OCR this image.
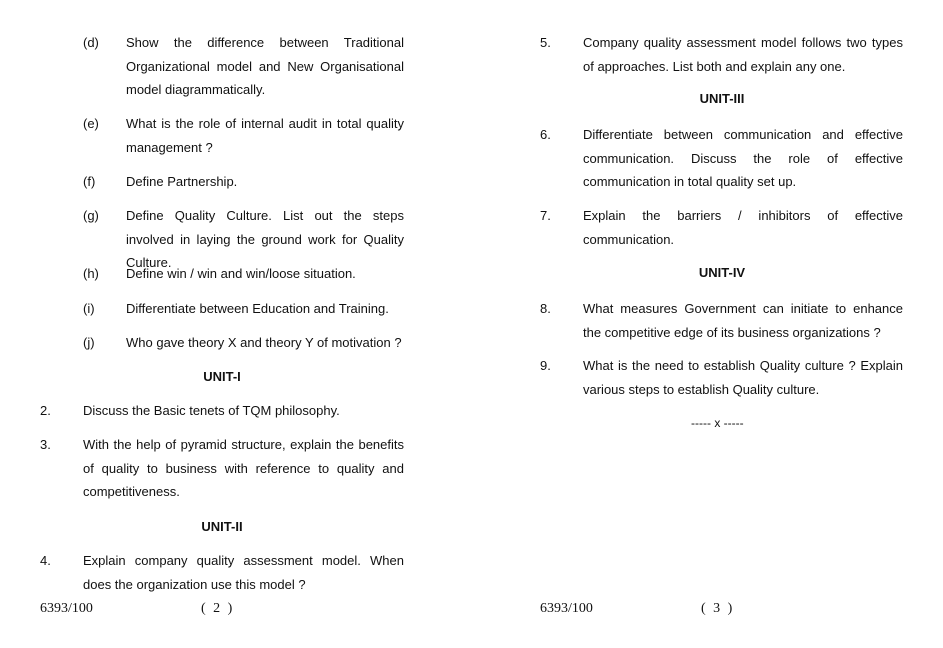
(d)	Show the difference between Traditional Organizational model and New Organisational model diagrammatically.
(e)	What is the role of internal audit in total quality management ?
(f)	Define Partnership.
(g)	Define Quality Culture. List out the steps involved in laying the ground work for Quality Culture.
(h)	Define win / win and win/loose situation.
(i)	Differentiate between Education and Training.
(j)	Who gave theory X and theory Y of motivation ?
UNIT-I
2. Discuss the Basic tenets of TQM philosophy.
3. With the help of pyramid structure, explain the benefits of quality to business with reference to quality and competitiveness.
UNIT-II
4. Explain company quality assessment model. When does the organization use this model ?
6393/100	( 2 )
5. Company quality assessment model follows two types of approaches. List both and explain any one.
UNIT-III
6. Differentiate between communication and effective communication. Discuss the role of effective communication in total quality set up.
7. Explain the barriers / inhibitors of effective communication.
UNIT-IV
8. What measures Government can initiate to enhance the competitive edge of its business organizations ?
9. What is the need to establish Quality culture ? Explain various steps to establish Quality culture.
----- x -----
6393/100	( 3 )
